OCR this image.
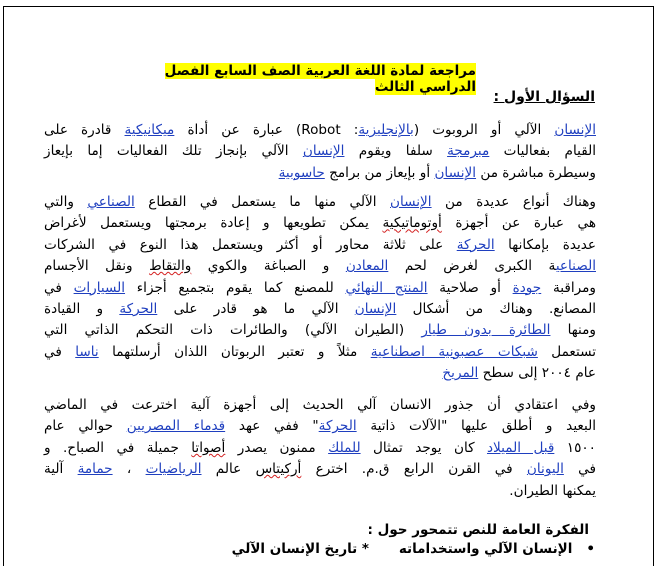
مراجعة لمادة اللغة العربية الصف السابع الفصل الدراسي الثالث
السؤال الأول :
الإنسان الآلي أو الروبوت (بالإنجليزية: Robot) عبارة عن أداة ميكانيكية قادرة على
القيام بفعاليات مبرمجة سلفا ويقوم الإنسان الآلي بإنجاز تلك الفعاليات إما بإيعاز
وسيطرة مباشرة من الإنسان أو بإيعاز من برامج حاسوبية
وهناك أنواع عديدة من الإنسان الآلي منها ما يستعمل في القطاع الصناعي والتي
هي عبارة عن أجهزة أوتوماتيكية يمكن تطويعها و إعادة برمجتها ويستعمل لأغراض
عديدة بإمكانها الحركة على ثلاثة محاور أو أكثر ويستعمل هذا النوع في الشركات
الصناعية الكبرى لغرض لحم المعادن و الصباغة والكوي والتقاط ونقل الأجسام
ومراقبة جودة أو صلاحية المنتج النهائي للمصنع كما يقوم بتجميع أجزاء السيارات في
المصانع. وهناك من أشكال الإنسان الآلي ما هو قادر على الحركة و القيادة
ومنها الطائرة بدون طيار (الطيران الآلي) والطائرات ذات التحكم الذاتي التي
تستعمل شبكات عصبونية اصطناعية مثلاً و تعتبر الربوتان اللذان أرسلتهما ناسا في
عام ٢٠٠٤ إلى سطح المريخ
وفي اعتقادي أن جذور الانسان آلي الحديث إلى أجهزة آلية اخترعت في الماضي
البعيد و أطلق عليها "الآلات ذاتية الحركة" ففي عهد قدماء المصريين حوالي عام
١٥٠٠ قبل الميلاد كان يوجد تمثال للملك ممنون يصدر أصواتا جميلة في الصباح. و
في اليونان في القرن الرابع ق.م. اخترع أركيتاس عالم الرياضيات ، حمامة آلية
يمكنها الطيران.
الفكرة العامة للنص تتمحور حول :
• الإنسان الآلي واستخداماته
* تاريخ الإنسان الآلي
